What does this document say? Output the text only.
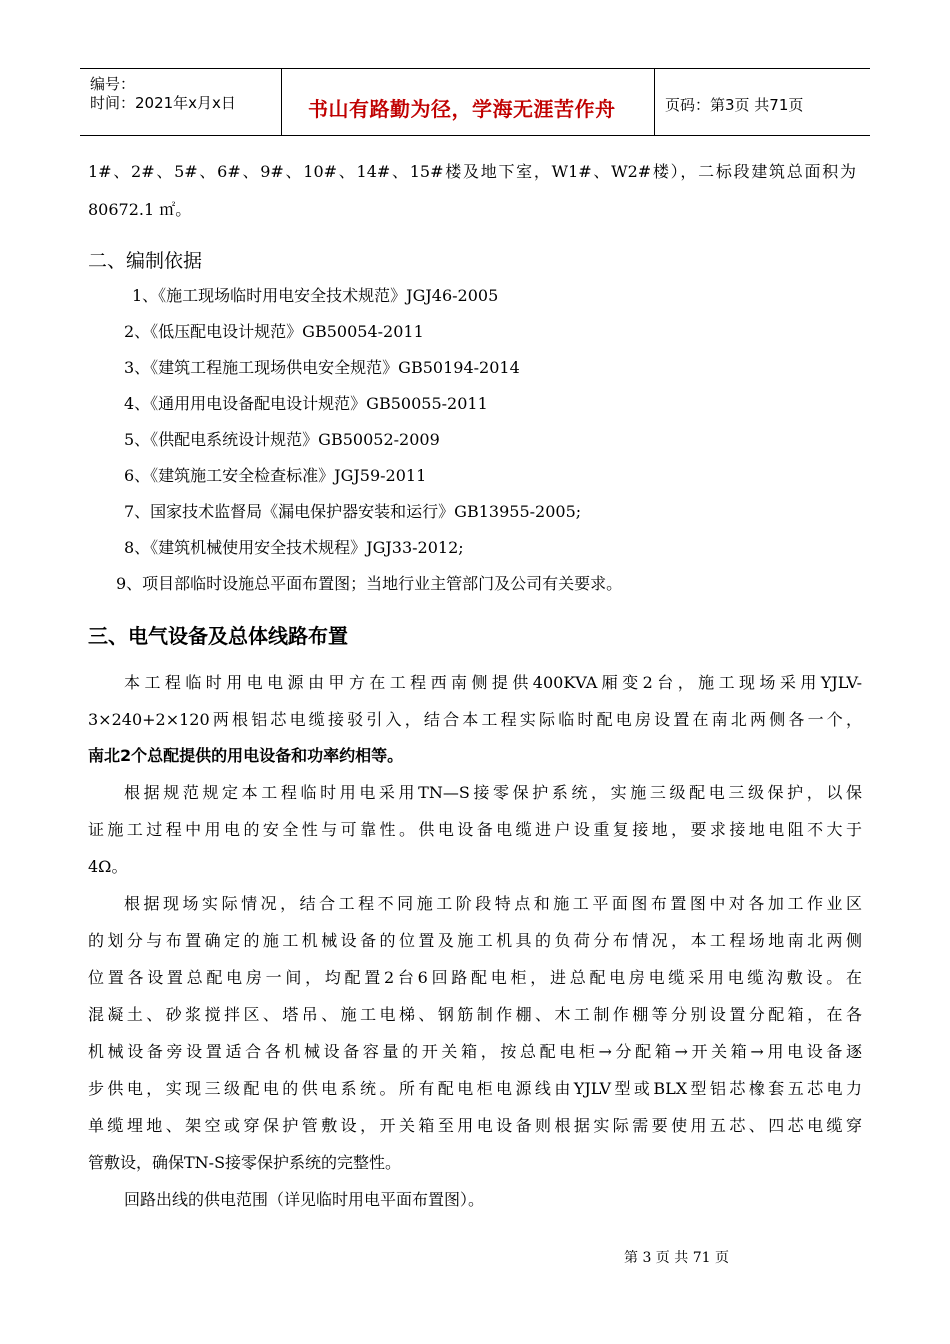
编号：
时间：2021年x月x日	书山有路勤为径，学海无涯苦作舟	页码：第3页 共71页
1#、2#、5#、6#、9#、10#、14#、15#楼及地下室，W1#、W2#楼），二标段建筑总面积为
80672.1 ㎡。
二、编制依据
1、《施工现场临时用电安全技术规范》JGJ46-2005
2、《低压配电设计规范》GB50054-2011
3、《建筑工程施工现场供电安全规范》GB50194-2014
4、《通用用电设备配电设计规范》GB50055-2011
5、《供配电系统设计规范》GB50052-2009
6、《建筑施工安全检查标准》JGJ59-2011
7、国家技术监督局《漏电保护器安装和运行》GB13955-2005;
8、《建筑机械使用安全技术规程》JGJ33-2012;
9、项目部临时设施总平面布置图；当地行业主管部门及公司有关要求。
三、电气设备及总体线路布置
本工程临时用电电源由甲方在工程西南侧提供400KVA厢变2台，施工现场采用YJLV-
3×240+2×120两根铝芯电缆接驳引入，结合本工程实际临时配电房设置在南北两侧各一个，
南北2个总配提供的用电设备和功率约相等。
根据规范规定本工程临时用电采用TN—S接零保护系统，实施三级配电三级保护，以保
证施工过程中用电的安全性与可靠性。供电设备电缆进户设重复接地，要求接地电阻不大于
4Ω。
根据现场实际情况，结合工程不同施工阶段特点和施工平面图布置图中对各加工作业区
的划分与布置确定的施工机械设备的位置及施工机具的负荷分布情况，本工程场地南北两侧
位置各设置总配电房一间，均配置2台6回路配电柜，进总配电房电缆采用电缆沟敷设。在
混凝土、砂浆搅拌区、塔吊、施工电梯、钢筋制作棚、木工制作棚等分别设置分配箱，在各
机械设备旁设置适合各机械设备容量的开关箱，按总配电柜→分配箱→开关箱→用电设备逐
步供电，实现三级配电的供电系统。所有配电柜电源线由YJLV型或BLX型铝芯橡套五芯电力
单缆埋地、架空或穿保护管敷设，开关箱至用电设备则根据实际需要使用五芯、四芯电缆穿
管敷设，确保TN-S接零保护系统的完整性。
回路出线的供电范围（详见临时用电平面布置图）。
第 3 页 共 71 页
